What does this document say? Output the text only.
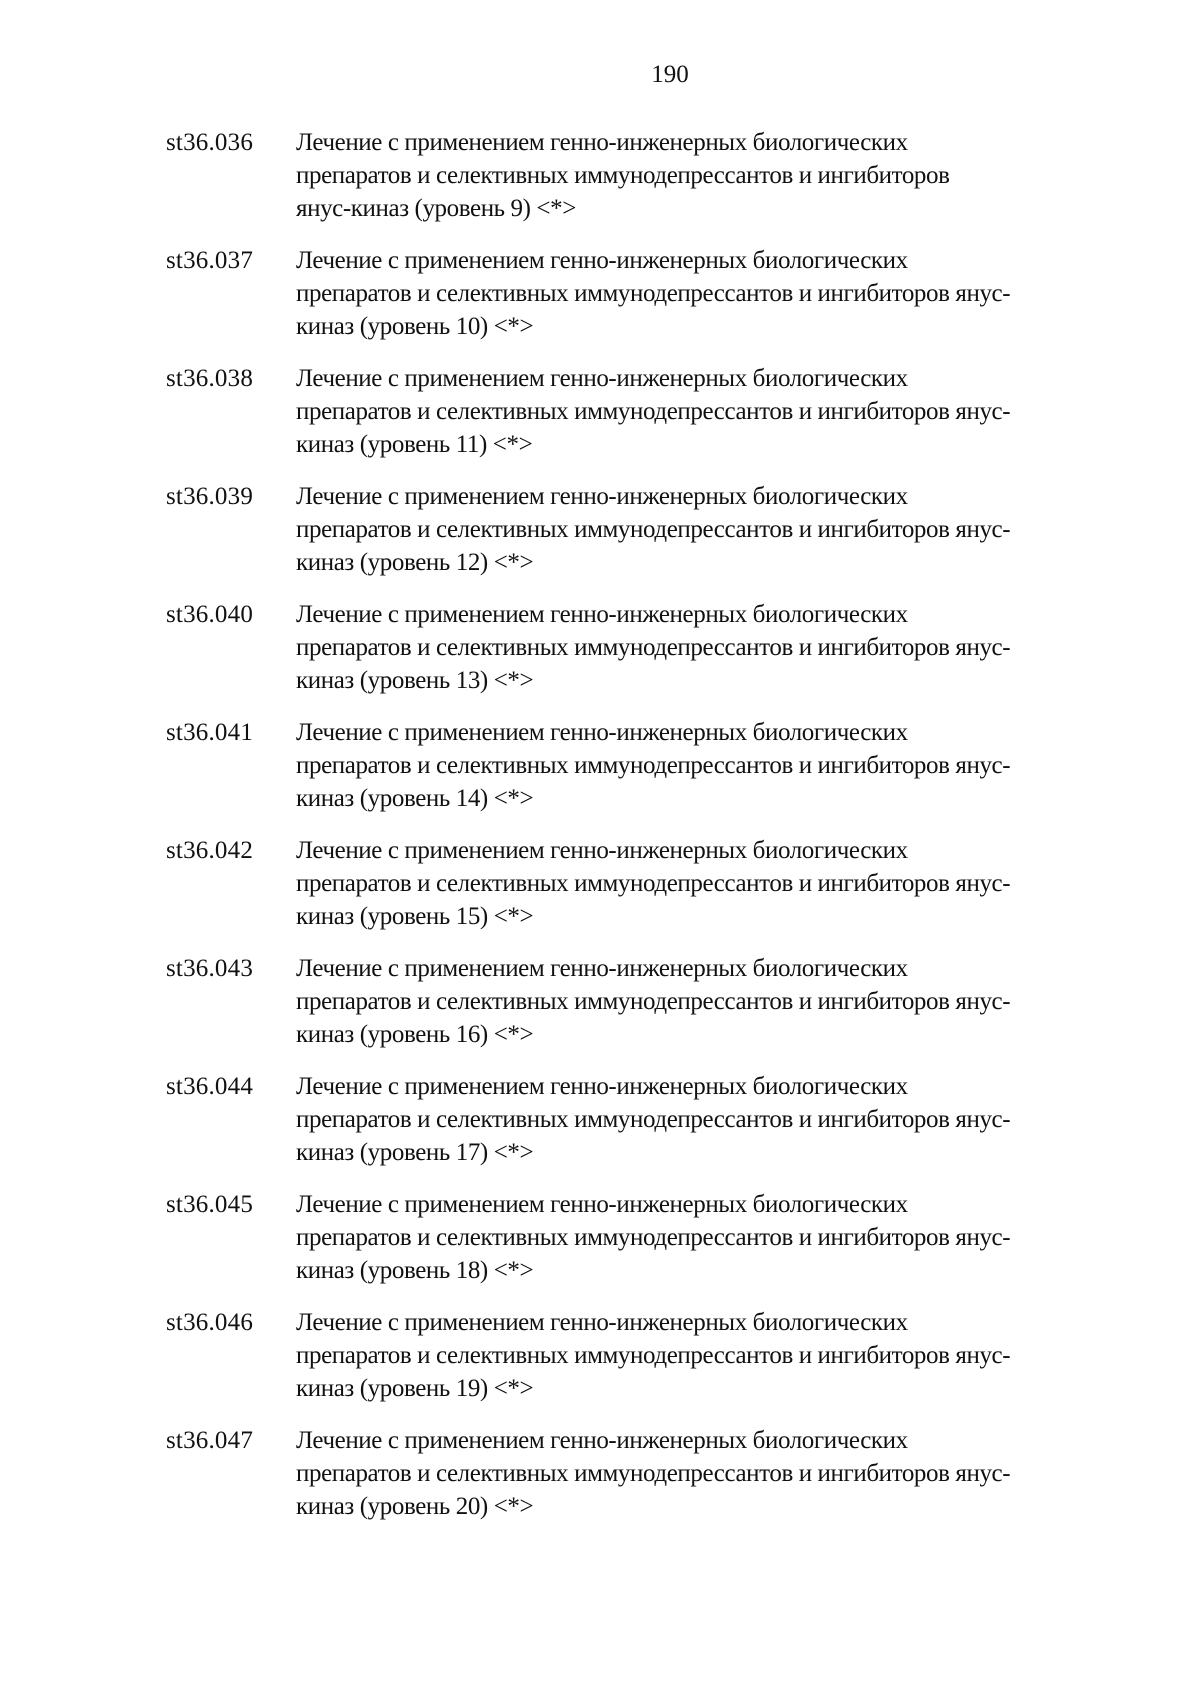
190
st36.036	Лечение с применением генно-инженерных биологических
препаратов и селективных иммунодепрессантов и ингибиторов
янус-киназ (уровень 9) <*>
st36.037	Лечение с применением генно-инженерных биологических
препаратов и селективных иммунодепрессантов и ингибиторов янус-
киназ (уровень 10) <*>
st36.038	Лечение с применением генно-инженерных биологических
препаратов и селективных иммунодепрессантов и ингибиторов янус-
киназ (уровень 11) <*>
st36.039	Лечение с применением генно-инженерных биологических
препаратов и селективных иммунодепрессантов и ингибиторов янус-
киназ (уровень 12) <*>
st36.040	Лечение с применением генно-инженерных биологических
препаратов и селективных иммунодепрессантов и ингибиторов янус-
киназ (уровень 13) <*>
st36.041	Лечение с применением генно-инженерных биологических
препаратов и селективных иммунодепрессантов и ингибиторов янус-
киназ (уровень 14) <*>
st36.042	Лечение с применением генно-инженерных биологических
препаратов и селективных иммунодепрессантов и ингибиторов янус-
киназ (уровень 15) <*>
st36.043	Лечение с применением генно-инженерных биологических
препаратов и селективных иммунодепрессантов и ингибиторов янус-
киназ (уровень 16) <*>
st36.044	Лечение с применением генно-инженерных биологических
препаратов и селективных иммунодепрессантов и ингибиторов янус-
киназ (уровень 17) <*>
st36.045	Лечение с применением генно-инженерных биологических
препаратов и селективных иммунодепрессантов и ингибиторов янус-
киназ (уровень 18) <*>
st36.046	Лечение с применением генно-инженерных биологических
препаратов и селективных иммунодепрессантов и ингибиторов янус-
киназ (уровень 19) <*>
st36.047	Лечение с применением генно-инженерных биологических
препаратов и селективных иммунодепрессантов и ингибиторов янус-
киназ (уровень 20) <*>
